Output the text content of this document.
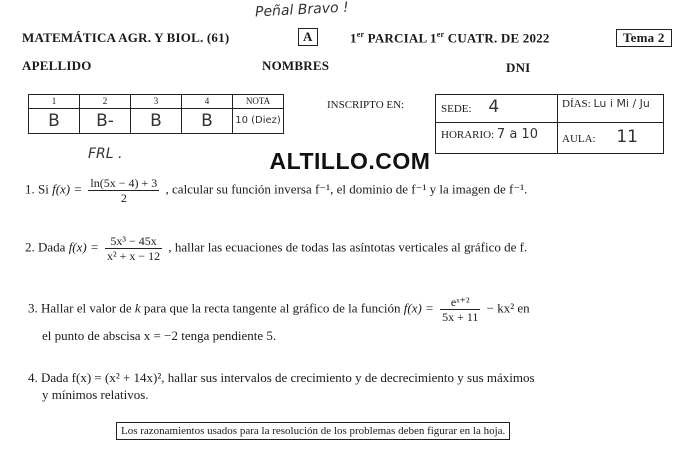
Peñal Bravo !
MATEMÁTICA AGR. Y BIOL. (61)	A	1er PARCIAL 1er CUATR. DE 2022	Tema 2
APELLIDO	NOMBRES	DNI
1	2	3	4	NOTA
B	B-	B	B	10 (Diez)
FRL .
INSCRIPTO EN:	SEDE: 4	DÍAS: Lu i Mi / Ju
HORARIO: 7 a 10 AULA: 11
ALTILLO.COM
1. Si $f(x) = \frac{\ln(5x - 4) + 3}{2}$ , calcular su función inversa f⁻¹, el dominio de f⁻¹ y la imagen de f⁻¹.
2. Dada $f(x) = \frac{\text{5x³ − 45x}}{\text{x² + x − 12}}$ , hallar las ecuaciones de todas las asíntotas verticales al gráfico de f.
3. Hallar el valor de k para que la recta tangente al gráfico de la función $f(x) = \frac{\text{eˣ⁺²}}{5x + 11} - kx^2$ en
el punto de abscisa x = −2 tenga pendiente 5.
4. Dada f(x) = (x² + 14x)², hallar sus intervalos de crecimiento y de decrecimiento y sus máximos
y mínimos relativos.
Los razonamientos usados para la resolución de los problemas deben figurar en la hoja.
